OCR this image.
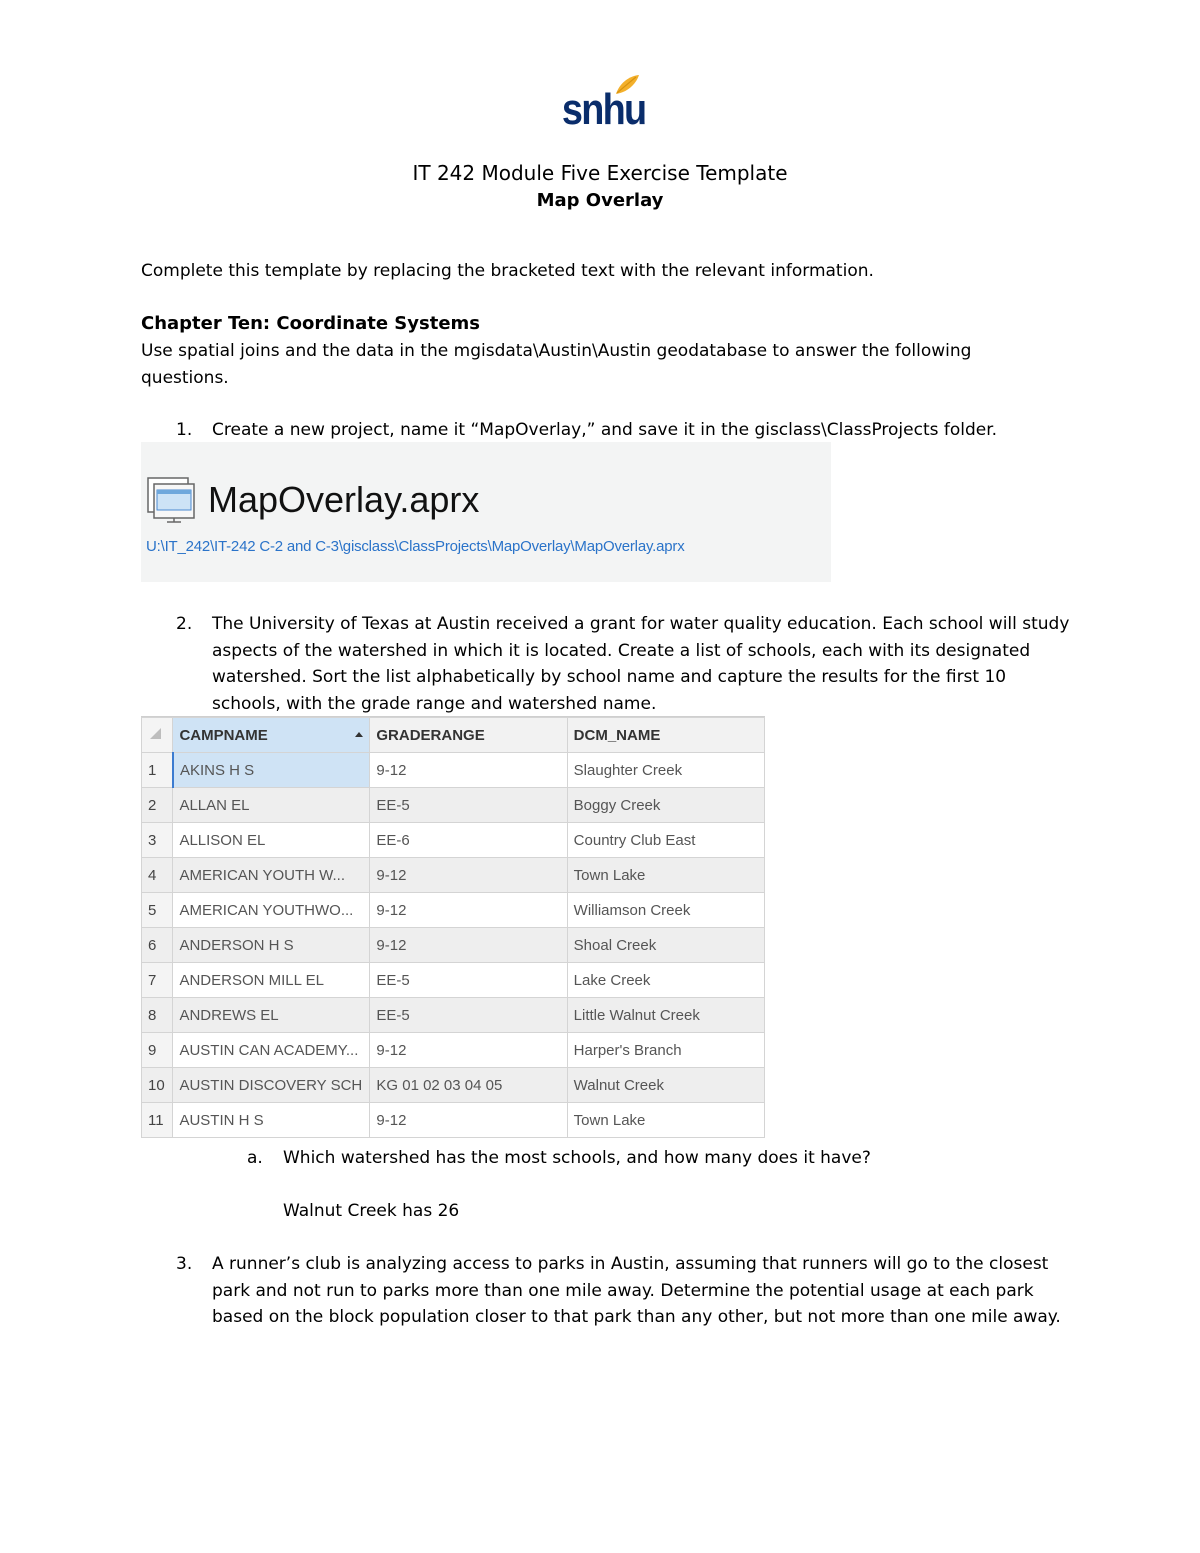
snhu
IT 242 Module Five Exercise Template
Map Overlay
Complete this template by replacing the bracketed text with the relevant information.
Chapter Ten: Coordinate Systems
Use spatial joins and the data in the mgisdata\Austin\Austin geodatabase to answer the following questions.
1. Create a new project, name it “MapOverlay,” and save it in the gisclass\ClassProjects folder.
MapOverlay.aprx
U:\IT_242\IT-242 C-2 and C-3\gisclass\ClassProjects\MapOverlay\MapOverlay.aprx
2. The University of Texas at Austin received a grant for water quality education. Each school will study aspects of the watershed in which it is located. Create a list of schools, each with its designated watershed. Sort the list alphabetically by school name and capture the results for the first 10 schools, with the grade range and watershed name.
	CAMPNAME	GRADERANGE	DCM_NAME
1	AKINS H S	9-12	Slaughter Creek
2	ALLAN EL	EE-5	Boggy Creek
3	ALLISON EL	EE-6	Country Club East
4	AMERICAN YOUTH W...	9-12	Town Lake
5	AMERICAN YOUTHWO...	9-12	Williamson Creek
6	ANDERSON H S	9-12	Shoal Creek
7	ANDERSON MILL EL	EE-5	Lake Creek
8	ANDREWS EL	EE-5	Little Walnut Creek
9	AUSTIN CAN ACADEMY...	9-12	Harper's Branch
10	AUSTIN DISCOVERY SCH	KG 01 02 03 04 05	Walnut Creek
11	AUSTIN H S	9-12	Town Lake
a. Which watershed has the most schools, and how many does it have?
Walnut Creek has 26
3. A runner’s club is analyzing access to parks in Austin, assuming that runners will go to the closest park and not run to parks more than one mile away. Determine the potential usage at each park based on the block population closer to that park than any other, but not more than one mile away.
